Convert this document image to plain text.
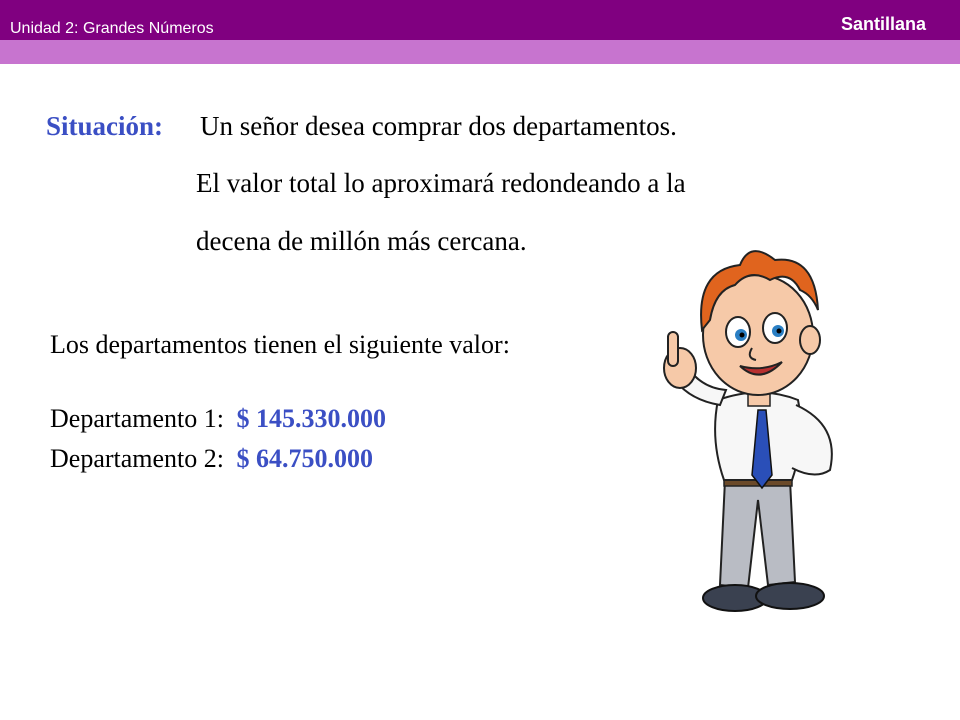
Unidad 2: Grandes Números	Santillana
Situación: Un señor desea comprar dos departamentos.
El valor total lo aproximará redondeando a la
decena de millón más cercana.
Los departamentos tienen el siguiente valor:
Departamento 1: $ 145.330.000
Departamento 2: $ 64.750.000
